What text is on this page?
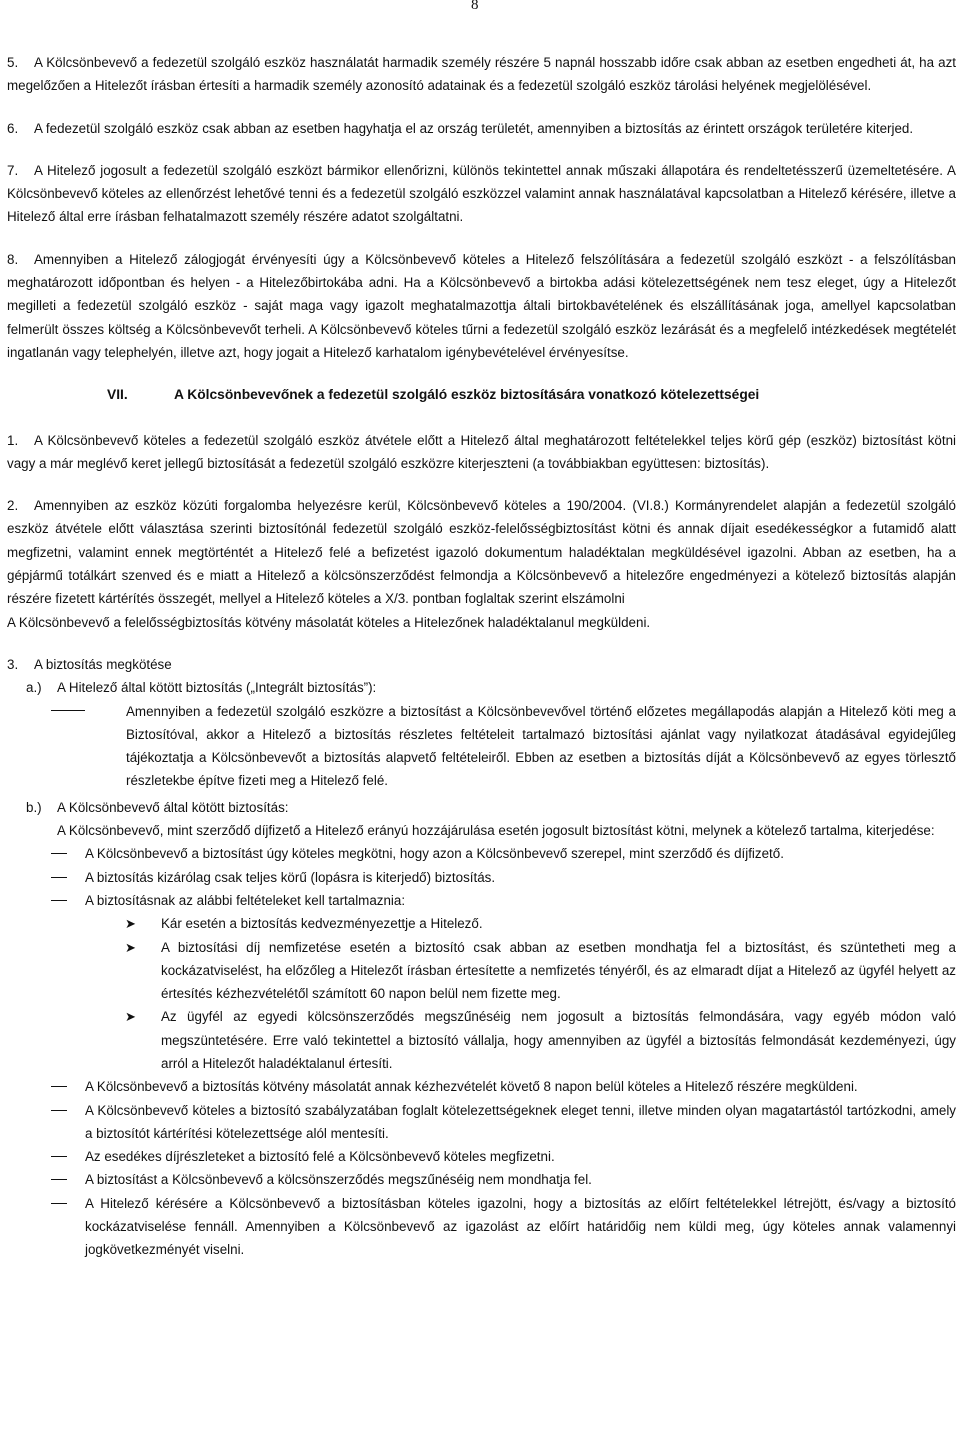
8

5. A Kölcsönbevevő a fedezetül szolgáló eszköz használatát harmadik személy részére 5 napnál hosszabb időre csak abban az esetben engedheti át, ha azt megelőzően a Hitelezőt írásban értesíti a harmadik személy azonosító adatainak és a fedezetül szolgáló eszköz tárolási helyének megjelölésével.

6. A fedezetül szolgáló eszköz csak abban az esetben hagyhatja el az ország területét, amennyiben a biztosítás az érintett országok területére kiterjed.

7. A Hitelező jogosult a fedezetül szolgáló eszközt bármikor ellenőrizni, különös tekintettel annak műszaki állapotára és rendeltetésszerű üzemeltetésére. A Kölcsönbevevő köteles az ellenőrzést lehetővé tenni és a fedezetül szolgáló eszközzel valamint annak használatával kapcsolatban a Hitelező kérésére, illetve a Hitelező által erre írásban felhatalmazott személy részére adatot szolgáltatni.

8. Amennyiben a Hitelező zálogjogát érvényesíti úgy a Kölcsönbevevő köteles a Hitelező felszólítására a fedezetül szolgáló eszközt - a felszólításban meghatározott időpontban és helyen - a Hitelezőbirtokába adni. Ha a Kölcsönbevevő a birtokba adási kötelezettségének nem tesz eleget, úgy a Hitelezőt megilleti a fedezetül szolgáló eszköz - saját maga vagy igazolt meghatalmazottja általi birtokbavételének és elszállításának joga, amellyel kapcsolatban felmerült összes költség a Kölcsönbevevőt terheli. A Kölcsönbevevő köteles tűrni a fedezetül szolgáló eszköz lezárását és a megfelelő intézkedések megtételét ingatlanán vagy telephelyén, illetve azt, hogy jogait a Hitelező karhatalom igénybevételével érvényesítse.

VII.	A Kölcsönbevevőnek a fedezetül szolgáló eszköz biztosítására vonatkozó kötelezettségei

1. A Kölcsönbevevő köteles a fedezetül szolgáló eszköz átvétele előtt a Hitelező által meghatározott feltételekkel teljes körű gép (eszköz) biztosítást kötni vagy a már meglévő keret jellegű biztosítását a fedezetül szolgáló eszközre kiterjeszteni (a továbbiakban együttesen: biztosítás).

2. Amennyiben az eszköz közúti forgalomba helyezésre kerül, Kölcsönbevevő köteles a 190/2004. (VI.8.) Kormányrendelet alapján a fedezetül szolgáló eszköz átvétele előtt választása szerinti biztosítónál fedezetül szolgáló eszköz-felelősségbiztosítást kötni és annak díjait esedékességkor a futamidő alatt megfizetni, valamint ennek megtörténtét a Hitelező felé a befizetést igazoló dokumentum haladéktalan megküldésével igazolni. Abban az esetben, ha a gépjármű totálkárt szenved és e miatt a Hitelező a kölcsönszerződést felmondja a Kölcsönbevevő a hitelezőre engedményezi a kötelező biztosítás alapján részére fizetett kártérítés összegét, mellyel a Hitelező köteles a X/3. pontban foglaltak szerint elszámolni

A Kölcsönbevevő a felelősségbiztosítás kötvény másolatát köteles a Hitelezőnek haladéktalanul megküldeni.

3. A biztosítás megkötése
a.) A Hitelező által kötött biztosítás („Integrált biztosítás”):
Amennyiben a fedezetül szolgáló eszközre a biztosítást a Kölcsönbevevővel történő előzetes megállapodás alapján a Hitelező köti meg a Biztosítóval, akkor a Hitelező a biztosítás részletes feltételeit tartalmazó biztosítási ajánlat vagy nyilatkozat átadásával egyidejűleg tájékoztatja a Kölcsönbevevőt a biztosítás alapvető feltételeiről. Ebben az esetben a biztosítás díját a Kölcsönbevevő az egyes törlesztő részletekbe építve fizeti meg a Hitelező felé.
b.) A Kölcsönbevevő által kötött biztosítás:
A Kölcsönbevevő, mint szerződő díjfizető a Hitelező erányú hozzájárulása esetén jogosult biztosítást kötni, melynek a kötelező tartalma, kiterjedése:
A Kölcsönbevevő a biztosítást úgy köteles megkötni, hogy azon a Kölcsönbevevő szerepel, mint szerződő és díjfizető.
A biztosítás kizárólag csak teljes körű (lopásra is kiterjedő) biztosítás.
A biztosításnak az alábbi feltételeket kell tartalmaznia:
➤	Kár esetén a biztosítás kedvezményezettje a Hitelező.
➤	A biztosítási díj nemfizetése esetén a biztosító csak abban az esetben mondhatja fel a biztosítást, és szüntetheti meg a kockázatviselést, ha előzőleg a Hitelezőt írásban értesítette a nemfizetés tényéről, és az elmaradt díjat a Hitelező az ügyfél helyett az értesítés kézhezvételétől számított 60 napon belül nem fizette meg.
➤	Az ügyfél az egyedi kölcsönszerződés megszűnéséig nem jogosult a biztosítás felmondására, vagy egyéb módon való megszüntetésére. Erre való tekintettel a biztosító vállalja, hogy amennyiben az ügyfél a biztosítás felmondását kezdeményezi, úgy arról a Hitelezőt haladéktalanul értesíti.
A Kölcsönbevevő a biztosítás kötvény másolatát annak kézhezvételét követő 8 napon belül köteles a Hitelező részére megküldeni.
A Kölcsönbevevő köteles a biztosító szabályzatában foglalt kötelezettségeknek eleget tenni, illetve minden olyan magatartástól tartózkodni, amely a biztosítót kártérítési kötelezettsége alól mentesíti.
Az esedékes díjrészleteket a biztosító felé a Kölcsönbevevő köteles megfizetni.
A biztosítást a Kölcsönbevevő a kölcsönszerződés megszűnéséig nem mondhatja fel.
A Hitelező kérésére a Kölcsönbevevő a biztosításban köteles igazolni, hogy a biztosítás az előírt feltételekkel létrejött, és/vagy a biztosító kockázatviselése fennáll. Amennyiben a Kölcsönbevevő az igazolást az előírt határidőig nem küldi meg, úgy köteles annak valamennyi jogkövetkezményét viselni.
